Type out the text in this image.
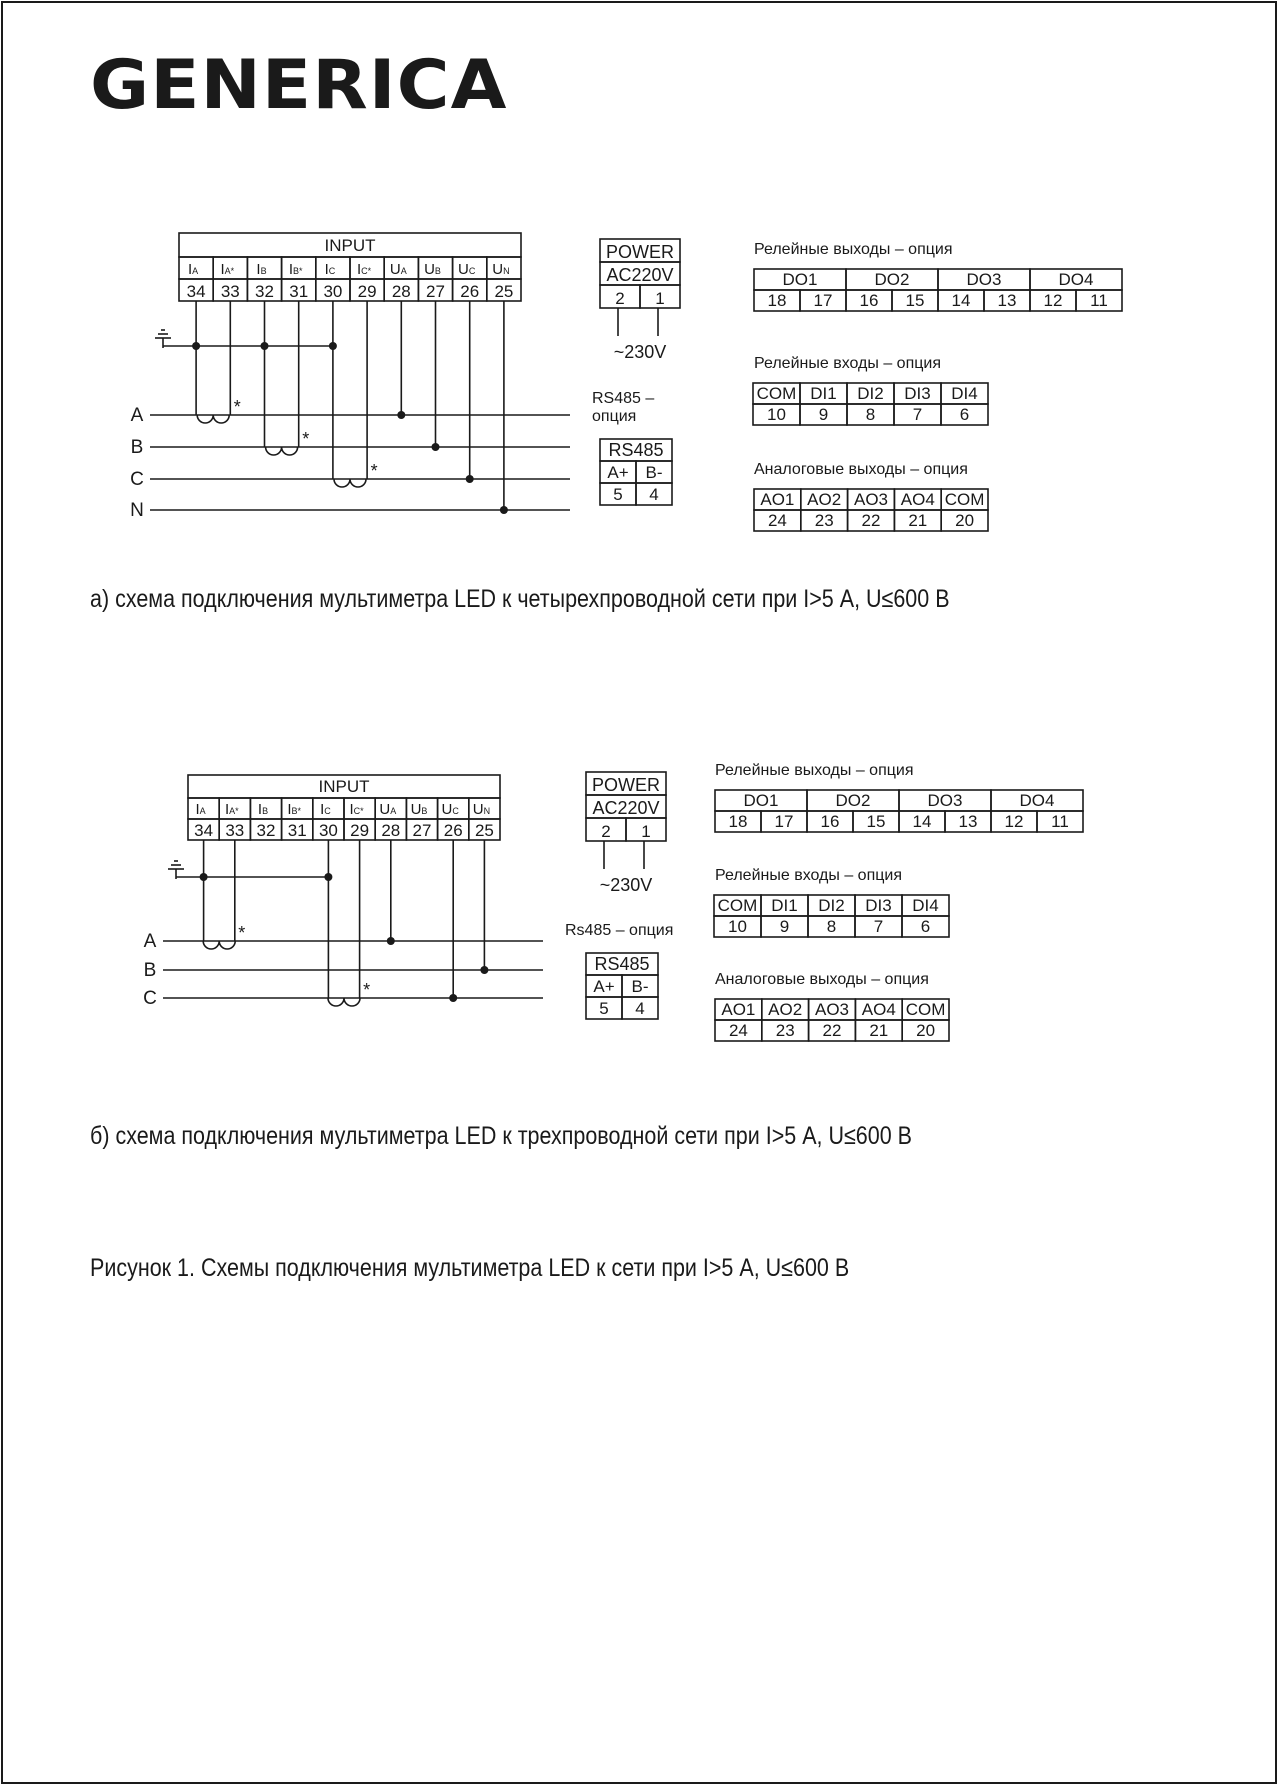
GENERICA
INPUT
IA IA* IB IB* IC IC* UA UB UC UN
34 33 32 31 30 29 28 27 26 25
A
B
C
N
*
*
*
POWER
AC220V
2 1
~230V
RS485 –
опция
RS485
A+ B-
5 4
Релейные выходы – опция
DO1	DO2	DO3	DO4
18 17 16 15 14 13 12 11
Релейные входы – опция
COM DI1 DI2 DI3 DI4
10 9 8 7 6
Аналоговые выходы – опция
AO1 AO2 AO3 AO4 COM
24 23 22 21 20
INPUT
IA IA* IB IB* IC IC* UA UB UC UN
34 33 32 31 30 29 28 27 26 25
A
B
C
*
*
POWER
AC220V
2 1
~230V
Rs485 – опция
RS485
A+ B-
5 4
Релейные выходы – опция
DO1	DO2	DO3	DO4
18 17 16 15 14 13 12 11
Релейные входы – опция
COM DI1 DI2 DI3 DI4
10 9 8 7 6
Аналоговые выходы – опция
AO1 AO2 AO3 AO4 COM
24 23 22 21 20

а) схема подключения мультиметра LED к четырехпроводной сети при I>5 А, U≤600 В

б) схема подключения мультиметра LED к трехпроводной сети при I>5 А, U≤600 В

Рисунок 1. Схемы подключения мультиметра LED к сети при I>5 А, U≤600 В
